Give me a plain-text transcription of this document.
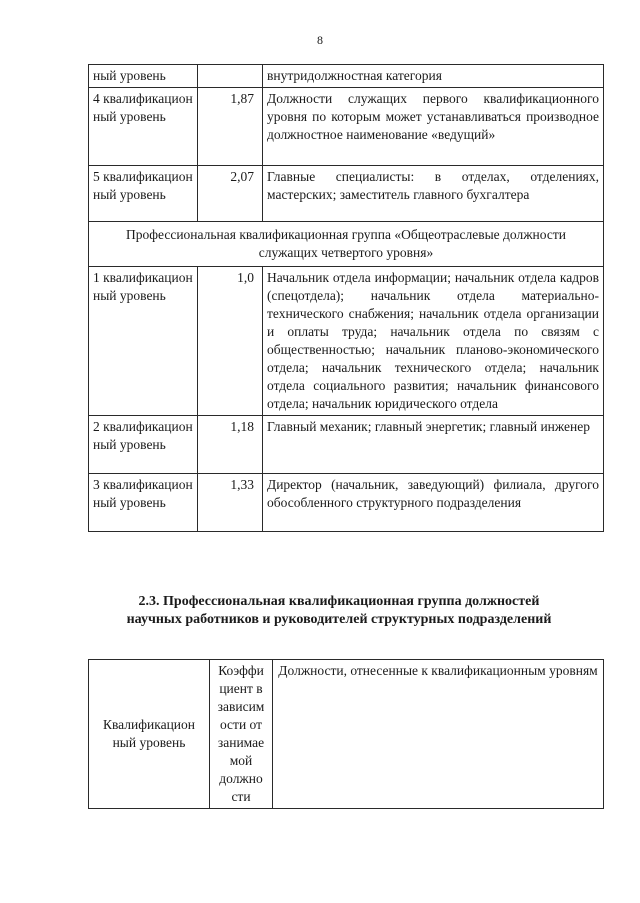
8
ный уровень		внутридолжностная категория
4 квалификацион ный уровень	1,87	Должности служащих первого квалификационного уровня по которым может устанавливаться производное должностное наименование «ведущий»
5 квалификацион ный уровень	2,07	Главные специалисты: в отделах, отделениях, мастерских; заместитель главного бухгалтера
Профессиональная квалификационная группа «Общеотраслевые должности служащих четвертого уровня»		
1 квалификацион ный уровень	1,0	Начальник отдела информации; начальник отдела кадров (спецотдела); начальник отдела материально-технического снабжения; начальник отдела организации и оплаты труда; начальник отдела по связям с общественностью; начальник планово-экономического отдела; начальник технического отдела; начальник отдела социального развития; начальник финансового отдела; начальник юридического отдела
2 квалификацион ный уровень	1,18	Главный механик; главный энергетик; главный инженер
3 квалификацион ный уровень	1,33	Директор (начальник, заведующий) филиала, другого обособленного структурного подразделения
2.3. Профессиональная квалификационная группа должностей научных работников и руководителей структурных подразделений
Квалификацион ный уровень	Коэффи циент в зависим ости от занимае мой должно сти	Должности, отнесенные к квалификационным уровням
